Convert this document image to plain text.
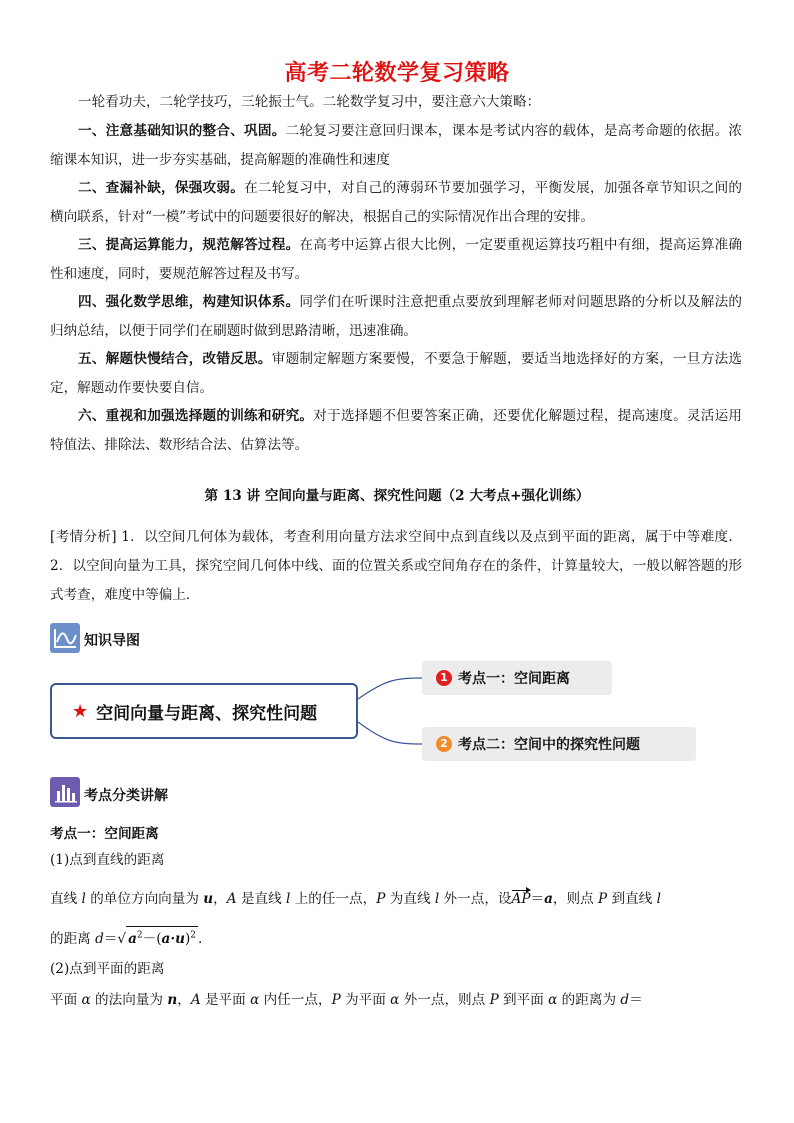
高考二轮数学复习策略
一轮看功夫，二轮学技巧，三轮振士气。二轮数学复习中，要注意六大策略：
一、注意基础知识的整合、巩固。二轮复习要注意回归课本，课本是考试内容的载体，是高考命题的依据。浓缩课本知识，进一步夯实基础，提高解题的准确性和速度
二、查漏补缺，保强攻弱。在二轮复习中，对自己的薄弱环节要加强学习，平衡发展，加强各章节知识之间的横向联系，针对“一模”考试中的问题要很好的解决，根据自己的实际情况作出合理的安排。
三、提高运算能力，规范解答过程。在高考中运算占很大比例，一定要重视运算技巧粗中有细，提高运算准确性和速度，同时，要规范解答过程及书写。
四、强化数学思维，构建知识体系。同学们在听课时注意把重点要放到理解老师对问题思路的分析以及解法的归纳总结，以便于同学们在刷题时做到思路清晰，迅速准确。
五、解题快慢结合，改错反思。审题制定解题方案要慢，不要急于解题，要适当地选择好的方案，一旦方法选定，解题动作要快要自信。
六、重视和加强选择题的训练和研究。对于选择题不但要答案正确，还要优化解题过程，提高速度。灵活运用特值法、排除法、数形结合法、估算法等。
第 13 讲 空间向量与距离、探究性问题（2 大考点+强化训练）
[考情分析] 1．以空间几何体为载体，考查利用向量方法求空间中点到直线以及点到平面的距离，属于中等难度．2．以空间向量为工具，探究空间几何体中线、面的位置关系或空间角存在的条件，计算量较大，一般以解答题的形式考查，难度中等偏上．
知识导图
★ 空间向量与距离、探究性问题
1 考点一：空间距离
2 考点二：空间中的探究性问题
考点分类讲解
考点一：空间距离
(1)点到直线的距离
直线 l 的单位方向向量为 u，A 是直线 l 上的任一点，P 为直线 l 外一点，设AP＝a，则点 P 到直线 l
的距离 d＝√ $a^2-(a\cdot u)^2$ .
(2)点到平面的距离
平面 α 的法向量为 n，A 是平面 α 内任一点，P 为平面 α 外一点，则点 P 到平面 α 的距离为 d＝
